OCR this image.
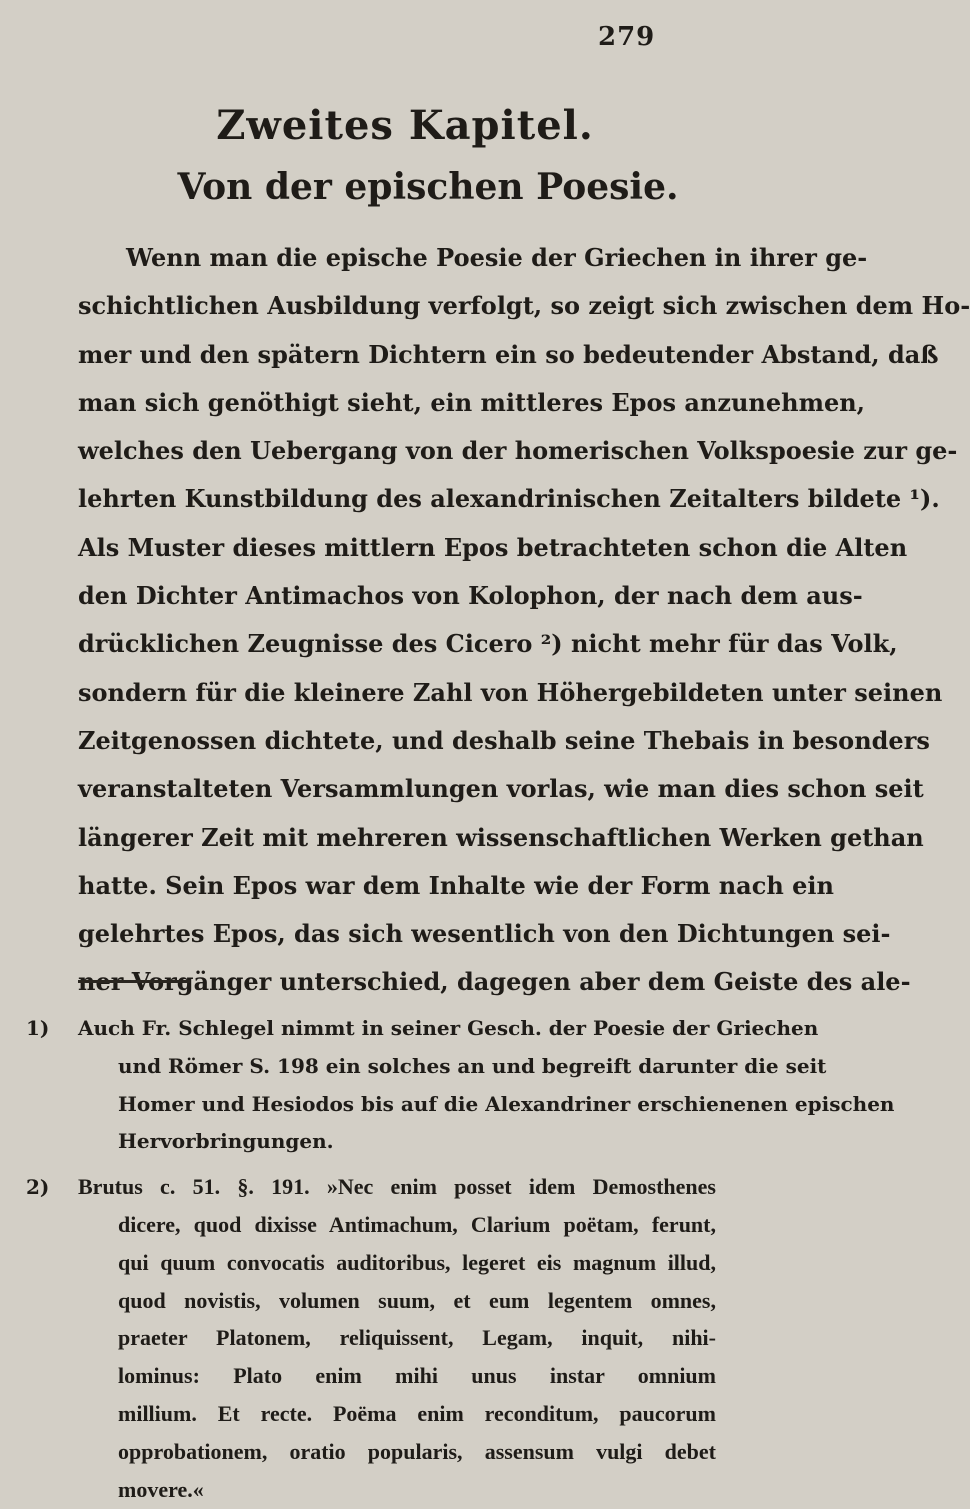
279
Zweites Kapitel.
Von der epischen Poesie.
Wenn man die epische Poesie der Griechen in ihrer ge-
schichtlichen Ausbildung verfolgt, so zeigt sich zwischen dem Ho-
mer und den spätern Dichtern ein so bedeutender Abstand, daß
man sich genöthigt sieht, ein mittleres Epos anzunehmen,
welches den Uebergang von der homerischen Volkspoesie zur ge-
lehrten Kunstbildung des alexandrinischen Zeitalters bildete ¹).
Als Muster dieses mittlern Epos betrachteten schon die Alten
den Dichter Antimachos von Kolophon, der nach dem aus-
drücklichen Zeugnisse des Cicero ²) nicht mehr für das Volk,
sondern für die kleinere Zahl von Höhergebildeten unter seinen
Zeitgenossen dichtete, und deshalb seine Thebais in besonders
veranstalteten Versammlungen vorlas, wie man dies schon seit
längerer Zeit mit mehreren wissenschaftlichen Werken gethan
hatte. Sein Epos war dem Inhalte wie der Form nach ein
gelehrtes Epos, das sich wesentlich von den Dichtungen sei-
ner Vorgänger unterschied, dagegen aber dem Geiste des ale-
1)	Auch Fr. Schlegel nimmt in seiner Gesch. der Poesie der Griechen
und Römer S. 198 ein solches an und begreift darunter die seit
Homer und Hesiodos bis auf die Alexandriner erschienenen epischen
Hervorbringungen.
2)	Brutus c. 51. §. 191. »Nec enim posset idem Demosthenes
dicere, quod dixisse Antimachum, Clarium poëtam, ferunt,
qui quum convocatis auditoribus, legeret eis magnum illud,
quod novistis, volumen suum, et eum legentem omnes,
praeter Platonem, reliquissent, Legam, inquit, nihi-
lominus: Plato enim mihi unus instar omnium
millium. Et recte. Poëma enim reconditum, paucorum
opprobationem, oratio popularis, assensum vulgi debet
movere.«
